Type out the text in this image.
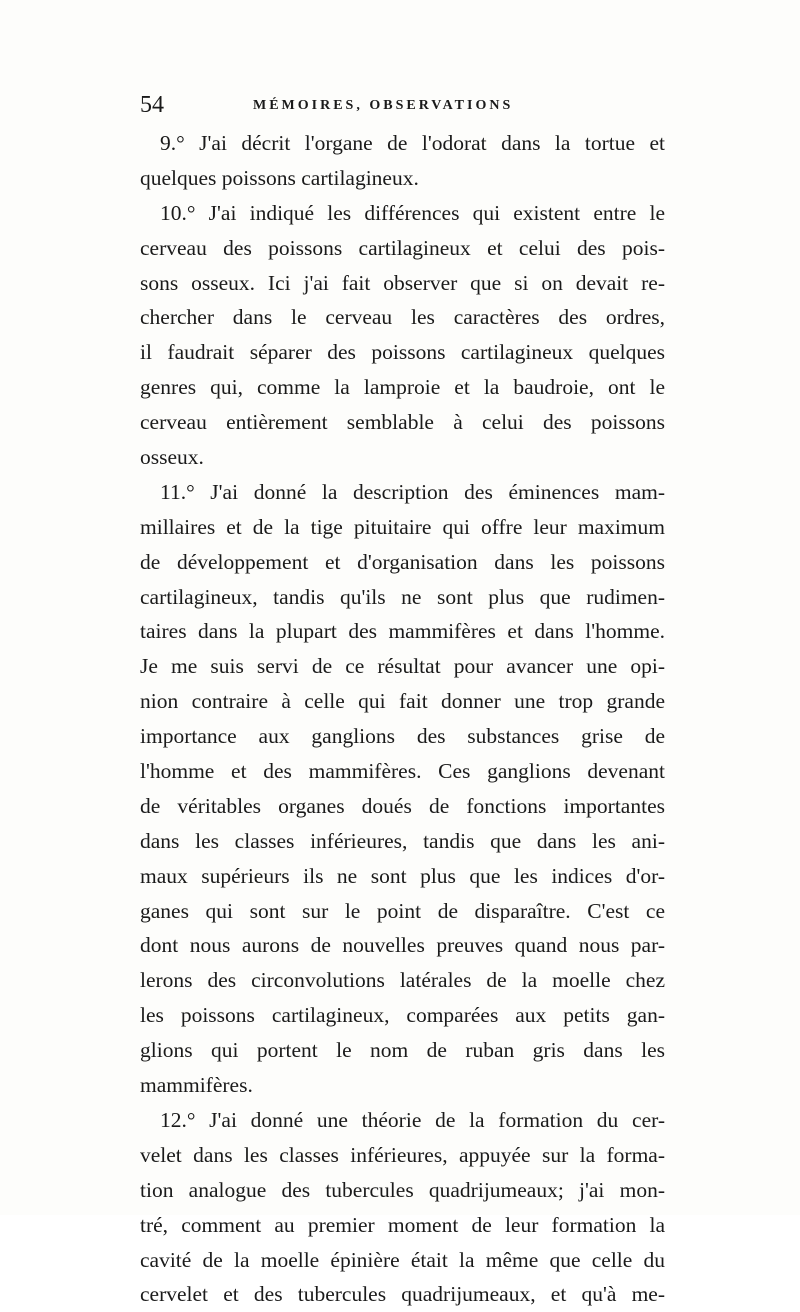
54	MÉMOIRES, OBSERVATIONS
9.° J'ai décrit l'organe de l'odorat dans la tortue et
quelques poissons cartilagineux.
10.° J'ai indiqué les différences qui existent entre le
cerveau des poissons cartilagineux et celui des pois-
sons osseux. Ici j'ai fait observer que si on devait re-
chercher dans le cerveau les caractères des ordres,
il faudrait séparer des poissons cartilagineux quelques
genres qui, comme la lamproie et la baudroie, ont le
cerveau entièrement semblable à celui des poissons
osseux.
11.° J'ai donné la description des éminences mam-
millaires et de la tige pituitaire qui offre leur maximum
de développement et d'organisation dans les poissons
cartilagineux, tandis qu'ils ne sont plus que rudimen-
taires dans la plupart des mammifères et dans l'homme.
Je me suis servi de ce résultat pour avancer une opi-
nion contraire à celle qui fait donner une trop grande
importance aux ganglions des substances grise de
l'homme et des mammifères. Ces ganglions devenant
de véritables organes doués de fonctions importantes
dans les classes inférieures, tandis que dans les ani-
maux supérieurs ils ne sont plus que les indices d'or-
ganes qui sont sur le point de disparaître. C'est ce
dont nous aurons de nouvelles preuves quand nous par-
lerons des circonvolutions latérales de la moelle chez
les poissons cartilagineux, comparées aux petits gan-
glions qui portent le nom de ruban gris dans les
mammifères.
12.° J'ai donné une théorie de la formation du cer-
velet dans les classes inférieures, appuyée sur la forma-
tion analogue des tubercules quadrijumeaux; j'ai mon-
tré, comment au premier moment de leur formation la
cavité de la moelle épinière était la même que celle du
cervelet et des tubercules quadrijumeaux, et qu'à me-
